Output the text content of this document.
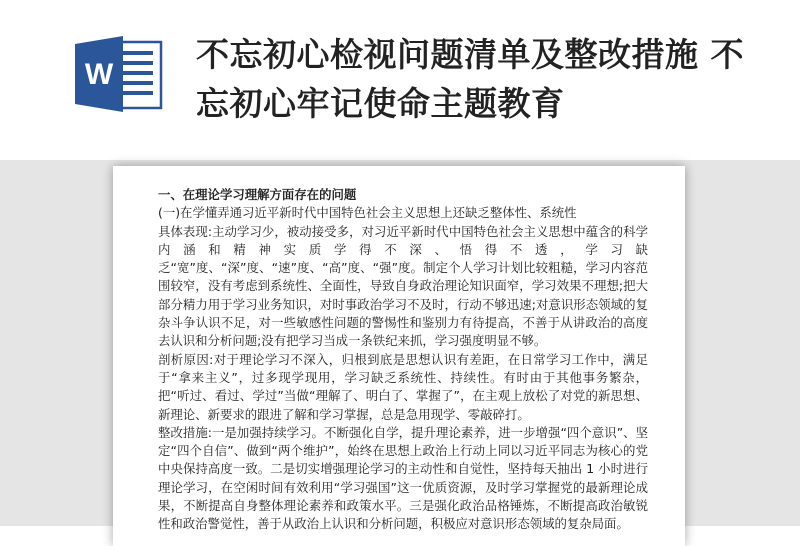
W
不忘初心检视问题清单及整改措施 不忘初心牢记使命主题教育

一、在理论学习理解方面存在的问题

(一)在学懂弄通习近平新时代中国特色社会主义思想上还缺乏整体性、系统性

具体表现:主动学习少，被动接受多，对习近平新时代中国特色社会主义思想中蕴含的科学内涵和精神实质学得不深、悟得不透，学习缺乏“宽”度、“深”度、“速”度、“高”度、“强”度。制定个人学习计划比较粗糙，学习内容范围较窄，没有考虑到系统性、全面性，导致自身政治理论知识面窄，学习效果不理想;把大部分精力用于学习业务知识，对时事政治学习不及时，行动不够迅速;对意识形态领域的复杂斗争认识不足，对一些敏感性问题的警惕性和鉴别力有待提高，不善于从讲政治的高度去认识和分析问题;没有把学习当成一条铁纪来抓，学习强度明显不够。

剖析原因:对于理论学习不深入，归根到底是思想认识有差距，在日常学习工作中，满足于“拿来主义”，过多现学现用，学习缺乏系统性、持续性。有时由于其他事务繁杂，把“听过、看过、学过”当做“理解了、明白了、掌握了”，在主观上放松了对党的新思想、新理论、新要求的跟进了解和学习掌握，总是急用现学、零敲碎打。

整改措施:一是加强持续学习。不断强化自学，提升理论素养，进一步增强“四个意识”、坚定“四个自信”、做到“两个维护”，始终在思想上政治上行动上同以习近平同志为核心的党中央保持高度一致。二是切实增强理论学习的主动性和自觉性，坚持每天抽出 1 小时进行理论学习，在空闲时间有效利用“学习强国”这一优质资源，及时学习掌握党的最新理论成果，不断提高自身整体理论素养和政策水平。三是强化政治品格锤炼，不断提高政治敏锐性和政治警觉性，善于从政治上认识和分析问题，积极应对意识形态领域的复杂局面。
